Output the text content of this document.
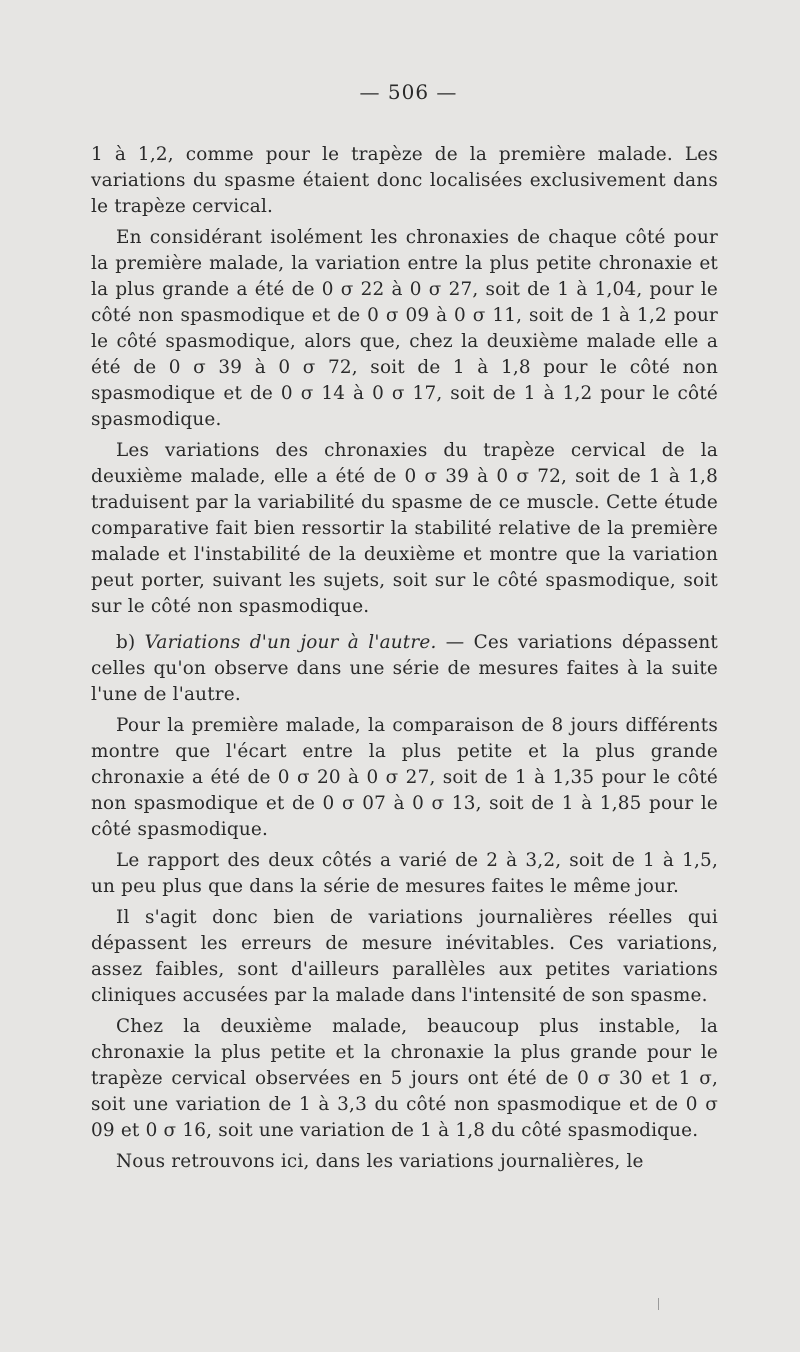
— 506 —

1 à 1,2, comme pour le trapèze de la première malade. Les variations du spasme étaient donc localisées exclusivement dans le trapèze cervical.

En considérant isolément les chronaxies de chaque côté pour la première malade, la variation entre la plus petite chronaxie et la plus grande a été de 0 σ 22 à 0 σ 27, soit de 1 à 1,04, pour le côté non spasmodique et de 0 σ 09 à 0 σ 11, soit de 1 à 1,2 pour le côté spasmodique, alors que, chez la deuxième malade elle a été de 0 σ 39 à 0 σ 72, soit de 1 à 1,8 pour le côté non spasmodique et de 0 σ 14 à 0 σ 17, soit de 1 à 1,2 pour le côté spasmodique.

Les variations des chronaxies du trapèze cervical de la deuxième malade, elle a été de 0 σ 39 à 0 σ 72, soit de 1 à 1,8 traduisent par la variabilité du spasme de ce muscle. Cette étude comparative fait bien ressortir la stabilité relative de la première malade et l'instabilité de la deuxième et montre que la variation peut porter, suivant les sujets, soit sur le côté spasmodique, soit sur le côté non spasmodique.

b) Variations d'un jour à l'autre. — Ces variations dépassent celles qu'on observe dans une série de mesures faites à la suite l'une de l'autre.

Pour la première malade, la comparaison de 8 jours différents montre que l'écart entre la plus petite et la plus grande chronaxie a été de 0 σ 20 à 0 σ 27, soit de 1 à 1,35 pour le côté non spasmodique et de 0 σ 07 à 0 σ 13, soit de 1 à 1,85 pour le côté spasmodique.

Le rapport des deux côtés a varié de 2 à 3,2, soit de 1 à 1,5, un peu plus que dans la série de mesures faites le même jour.

Il s'agit donc bien de variations journalières réelles qui dépassent les erreurs de mesure inévitables. Ces variations, assez faibles, sont d'ailleurs parallèles aux petites variations cliniques accusées par la malade dans l'intensité de son spasme.

Chez la deuxième malade, beaucoup plus instable, la chronaxie la plus petite et la chronaxie la plus grande pour le trapèze cervical observées en 5 jours ont été de 0 σ 30 et 1 σ, soit une variation de 1 à 3,3 du côté non spasmodique et de 0 σ 09 et 0 σ 16, soit une variation de 1 à 1,8 du côté spasmodique.

Nous retrouvons ici, dans les variations journalières, le
